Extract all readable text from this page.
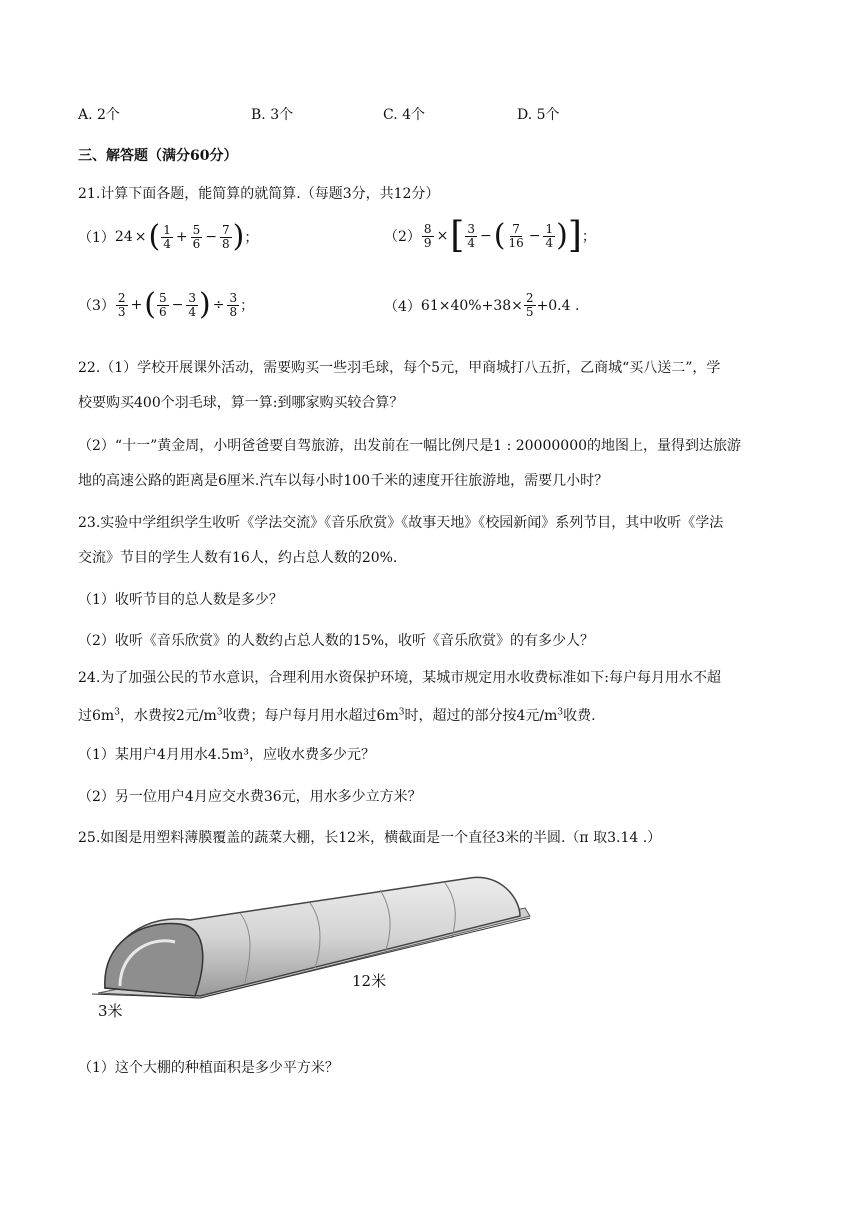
A. 2个	B. 3个	C. 4个	D. 5个
三、解答题（满分60分）
21.计算下面各题，能简算的就简算.（每题3分，共12分）
（1） 24 × ( $\frac{1}{4} + \frac{5}{6} - \frac{7}{8}$ ) ；	$(2) \frac{8}{9}$ × [ $\frac{3}{4}$ − ( $\frac{7}{16} - \frac{1}{4}$ ) ] ；
$(3) \frac{2}{3}$ + ( $\frac{5}{6} - \frac{3}{4}$ ) ÷ $\frac{3}{8}$ ；	（4） $61\times 40\%+38\times \frac{2}{5} +0.4$ .
22.（1）学校开展课外活动，需要购买一些羽毛球，每个5元，甲商城打八五折，乙商城“买八送二”，学
校要购买400个羽毛球，算一算:到哪家购买较合算？
（2）“十一”黄金周，小明爸爸要自驾旅游，出发前在一幅比例尺是1 : 20000000的地图上，量得到达旅游
地的高速公路的距离是6厘米.汽车以每小时100千米的速度开往旅游地，需要几小时？
23.实验中学组织学生收听《学法交流》《音乐欣赏》《故事天地》《校园新闻》系列节目，其中收听《学法
交流》节目的学生人数有16人，约占总人数的20%.
（1）收听节目的总人数是多少？
（2）收听《音乐欣赏》的人数约占总人数的15%，收听《音乐欣赏》的有多少人？
24.为了加强公民的节水意识，合理利用水资保护环境，某城市规定用水收费标准如下:每户每月用水不超
过$6m^3$，水费按2元$/m^3$收费；每户每月用水超过$6m^3$时，超过的部分按4元$/m^3$收费.
（1）某用户4月用水4.5m³，应收水费多少元？
（2）另一位用户4月应交水费36元，用水多少立方米？
25.如图是用塑料薄膜覆盖的蔬菜大棚，长12米，横截面是一个直径3米的半圆.（π 取3.14 .）
12米
3米
（1）这个大棚的种植面积是多少平方米？
